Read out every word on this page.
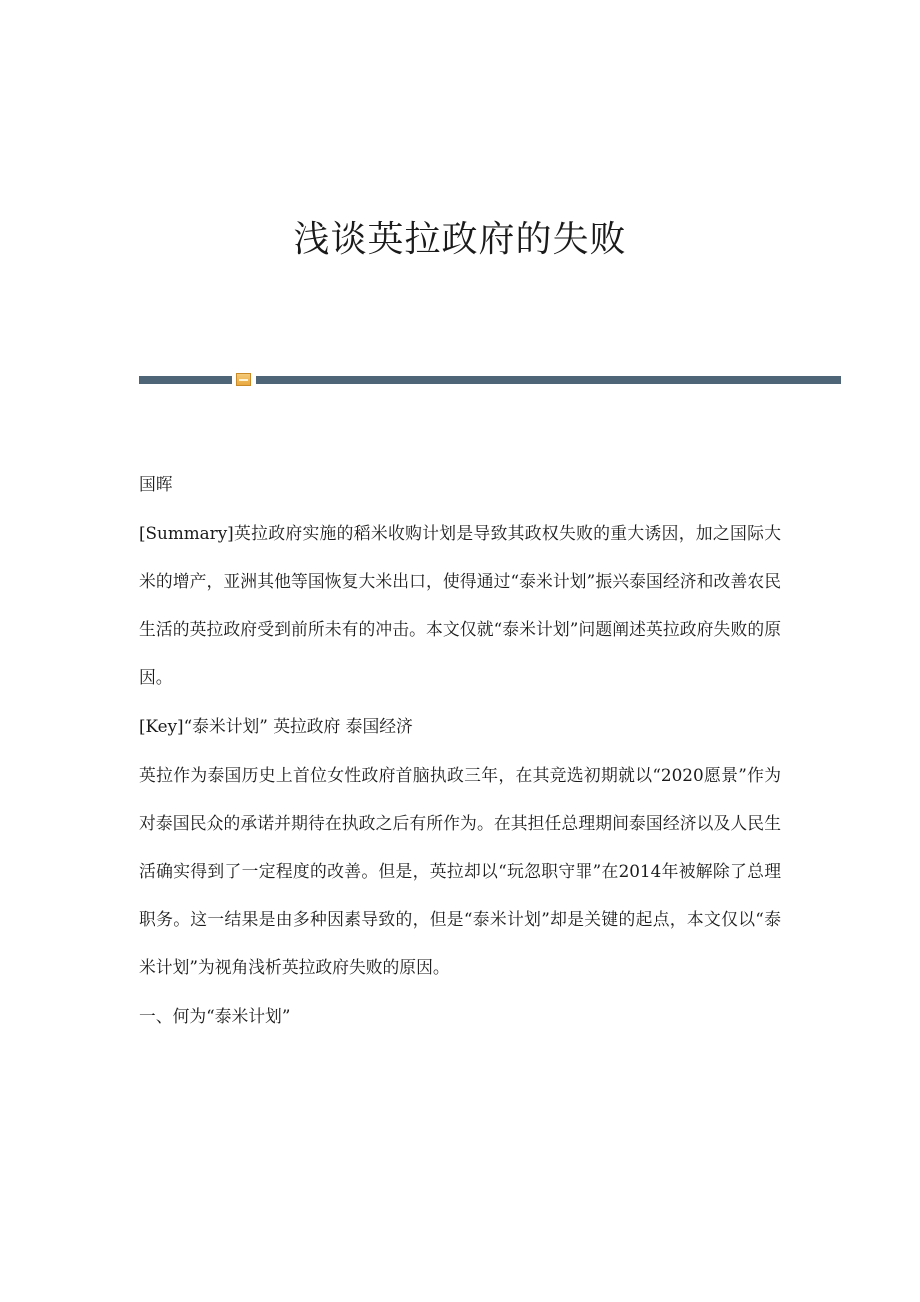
浅谈英拉政府的失败

国晖

[Summary]英拉政府实施的稻米收购计划是导致其政权失败的重大诱因，加之国际大米的增产，亚洲其他等国恢复大米出口，使得通过“泰米计划”振兴泰国经济和改善农民生活的英拉政府受到前所未有的冲击。本文仅就“泰米计划”问题阐述英拉政府失败的原因。

[Key]“泰米计划” 英拉政府 泰国经济

英拉作为泰国历史上首位女性政府首脑执政三年，在其竞选初期就以“2020愿景”作为对泰国民众的承诺并期待在执政之后有所作为。在其担任总理期间泰国经济以及人民生活确实得到了一定程度的改善。但是，英拉却以“玩忽职守罪”在2014年被解除了总理职务。这一结果是由多种因素导致的，但是“泰米计划”却是关键的起点，本文仅以“泰米计划”为视角浅析英拉政府失败的原因。

一、何为“泰米计划”
